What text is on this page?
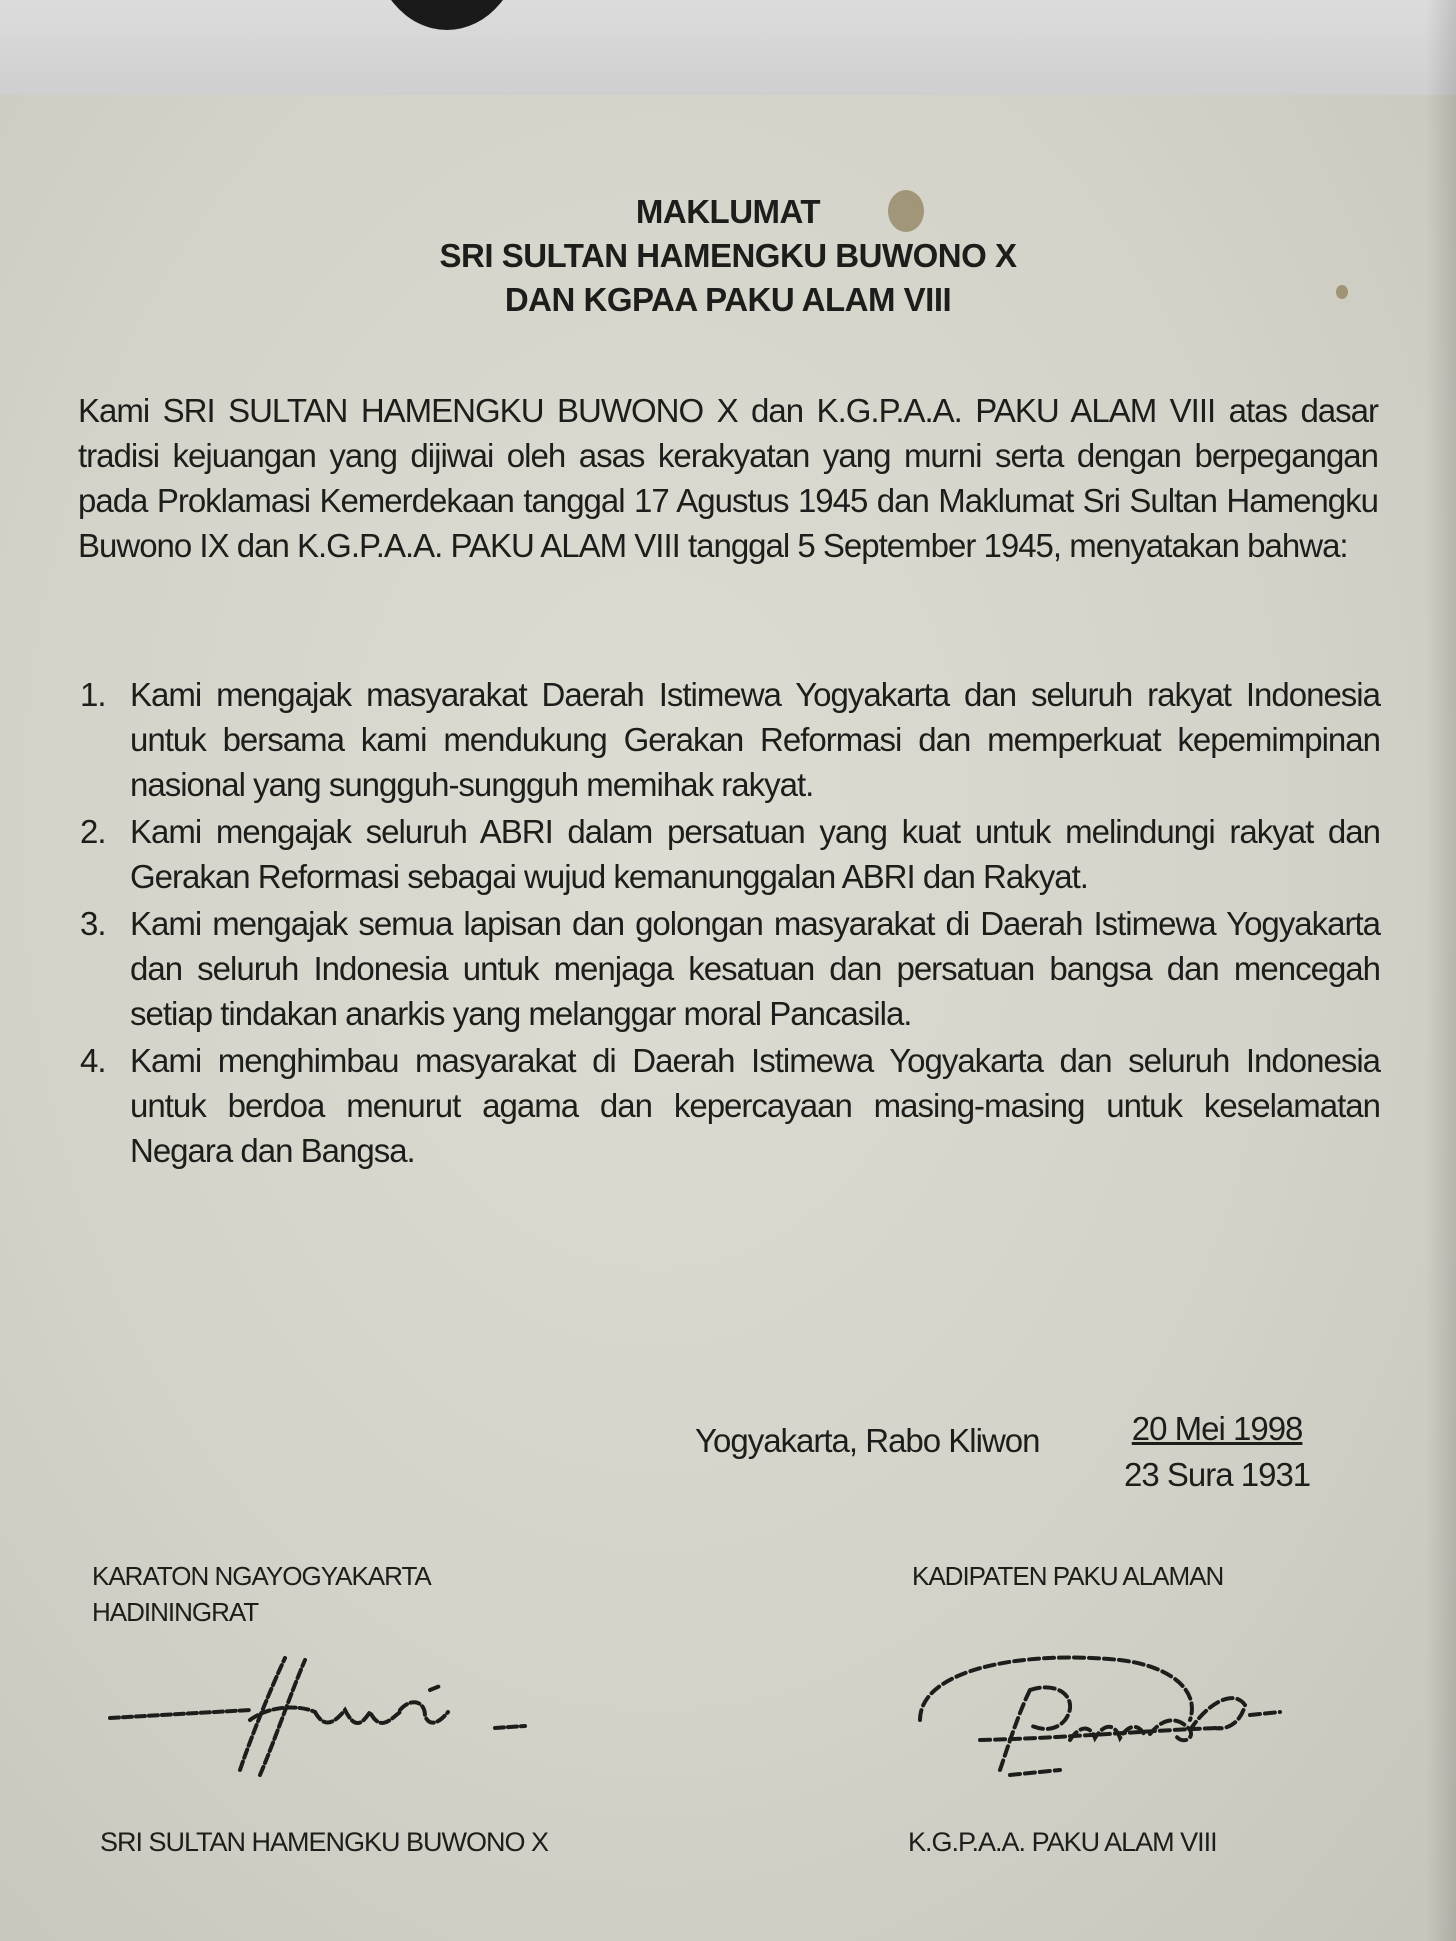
MAKLUMAT
SRI SULTAN HAMENGKU BUWONO X
DAN KGPAA PAKU ALAM VIII
Kami SRI SULTAN HAMENGKU BUWONO X dan K.G.P.A.A. PAKU ALAM VIII atas dasar tradisi kejuangan yang dijiwai oleh asas kerakyatan yang murni serta dengan berpegangan pada Proklamasi Kemerdekaan tanggal 17 Agustus 1945 dan Maklumat Sri Sultan Hamengku Buwono IX dan K.G.P.A.A. PAKU ALAM VIII tanggal 5 September 1945, menyatakan bahwa:
1. Kami mengajak masyarakat Daerah Istimewa Yogyakarta dan seluruh rakyat Indonesia untuk bersama kami mendukung Gerakan Reformasi dan memperkuat kepemimpinan nasional yang sungguh-sungguh memihak rakyat.
2. Kami mengajak seluruh ABRI dalam persatuan yang kuat untuk melindungi rakyat dan Gerakan Reformasi sebagai wujud kemanunggalan ABRI dan Rakyat.
3. Kami mengajak semua lapisan dan golongan masyarakat di Daerah Istimewa Yogyakarta dan seluruh Indonesia untuk menjaga kesatuan dan persatuan bangsa dan mencegah setiap tindakan anarkis yang melanggar moral Pancasila.
4. Kami menghimbau masyarakat di Daerah Istimewa Yogyakarta dan seluruh Indonesia untuk berdoa menurut agama dan kepercayaan masing-masing untuk keselamatan Negara dan Bangsa.
Yogyakarta, Rabo Kliwon	20 Mei 1998
23 Sura 1931
KARATON NGAYOGYAKARTA
HADININGRAT
KADIPATEN PAKU ALAMAN
SRI SULTAN HAMENGKU BUWONO X	K.G.P.A.A. PAKU ALAM VIII
